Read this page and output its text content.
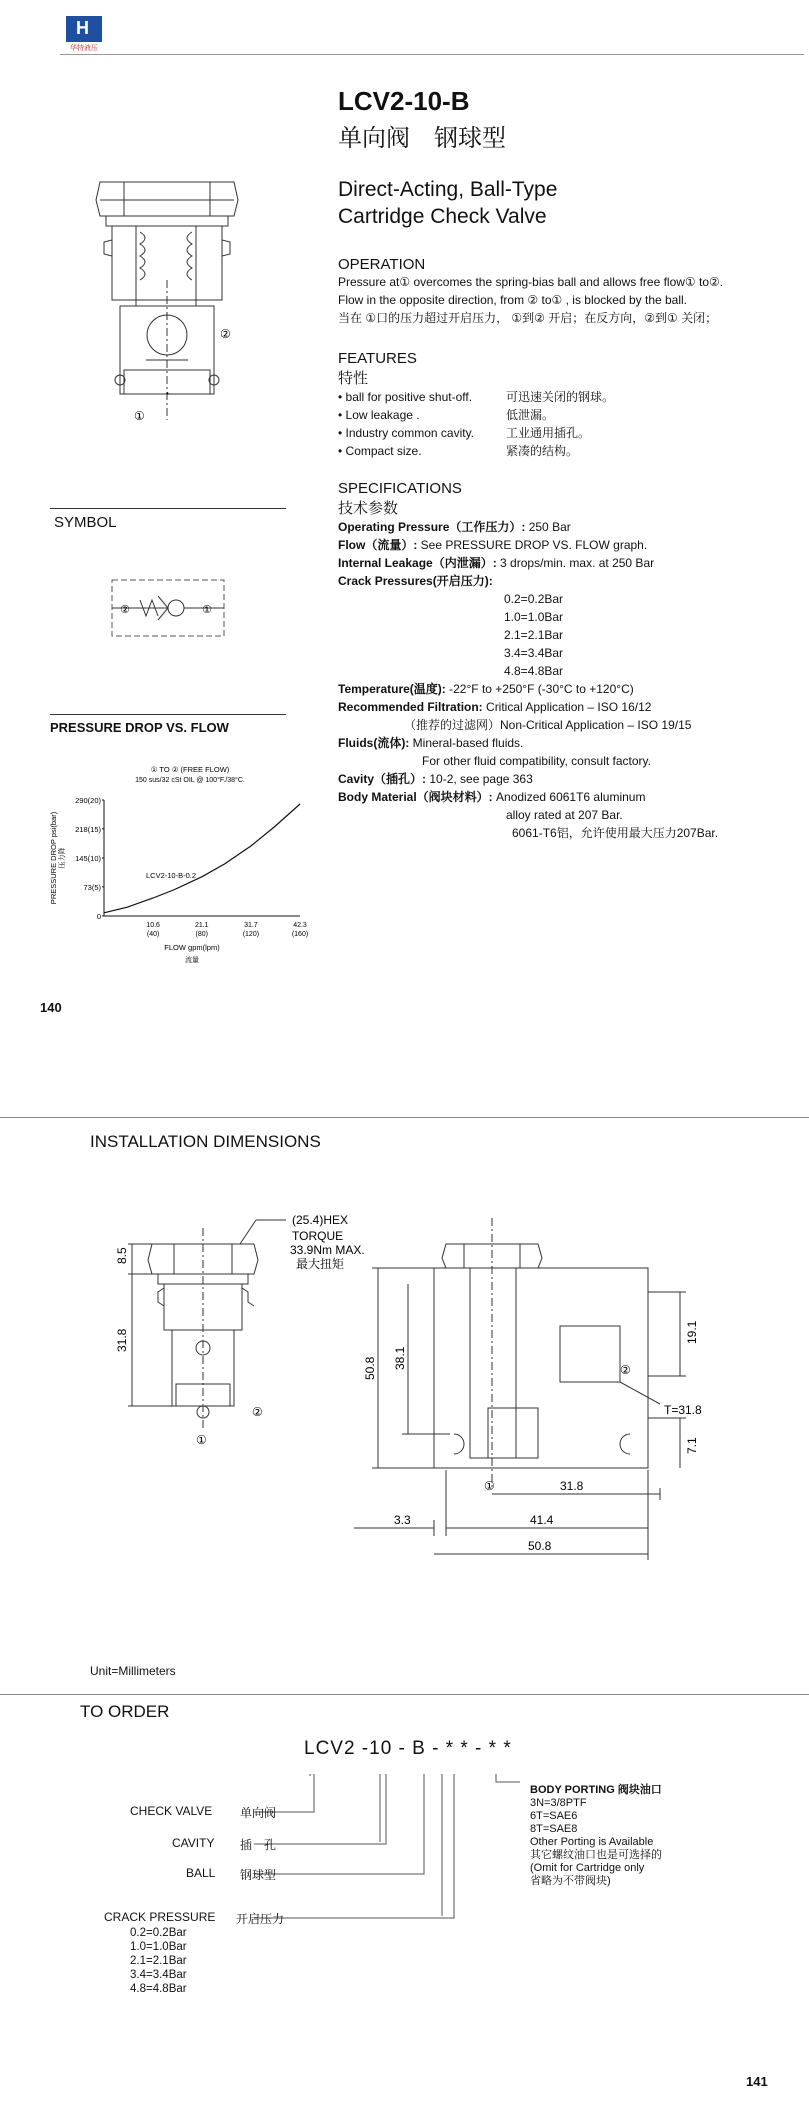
H
华特液压
LCV2-10-B
单向阀　钢球型
Direct-Acting, Ball-Type
Cartridge Check Valve
•
②
①
OPERATION
Pressure at① overcomes the spring-bias ball and allows free flow① to②.
Flow in the opposite direction, from ② to① , is blocked by the ball.
当在 ①口的压力超过开启压力， ①到② 开启；在反方向，②到① 关闭；
FEATURES
特性
• ball for positive shut-off.	可迅速关闭的钢球。
• Low leakage .	低泄漏。
• Industry common cavity.	工业通用插孔。
• Compact size.	紧凑的结构。
SPECIFICATIONS
技术参数
Operating Pressure（工作压力）: 250 Bar
Flow（流量）: See PRESSURE DROP VS. FLOW graph.
Internal Leakage（内泄漏）: 3 drops/min. max. at 250 Bar
Crack Pressures(开启压力):
0.2=0.2Bar
1.0=1.0Bar
2.1=2.1Bar
3.4=3.4Bar
4.8=4.8Bar
Temperature(温度): -22°F to +250°F (-30°C to +120°C)
Recommended Filtration: Critical Application – ISO 16/12
（推荐的过滤网）Non-Critical Application – ISO 19/15
Fluids(流体): Mineral-based fluids.
For other fluid compatibility, consult factory.
Cavity（插孔）: 10-2, see page 363
Body Material（阀块材料）: Anodized 6061T6 aluminum
alloy rated at 207 Bar.
6061-T6铝，允许使用最大压力207Bar.
SYMBOL
②	①
PRESSURE DROP VS. FLOW
① TO ② (FREE FLOW)
150 sus/32 cSt OIL @ 100°F./38°C.
290(20)
218(15)
145(10)
73(5)
0
10.6
(40)
21.1
(80)
31.7
(120)
42.3
(160)
LCV2-10-B-0.2
压力降
PRESSURE DROP psi(bar)
FLOW gpm(lpm)
流量
140
INSTALLATION DIMENSIONS
(25.4)HEX
TORQUE
33.9Nm MAX.
最大扭矩
8.5
31.8
②
①
50.8 38.1
19.1
7.1
T=31.8
②
①	31.8
3.3	41.4
50.8
Unit=Millimeters
TO ORDER
LCV2 -10 - B - * * - * *
CHECK VALVE 单向阀
CAVITY 插　孔
BALL 钢球型
CRACK PRESSURE 开启压力
0.2=0.2Bar
1.0=1.0Bar
2.1=2.1Bar
3.4=3.4Bar
4.8=4.8Bar
BODY PORTING 阀块油口
3N=3/8PTF
6T=SAE6
8T=SAE8
Other Porting is Available
其它螺纹油口也是可选择的
(Omit for Cartridge only
省略为不带阀块)
141
